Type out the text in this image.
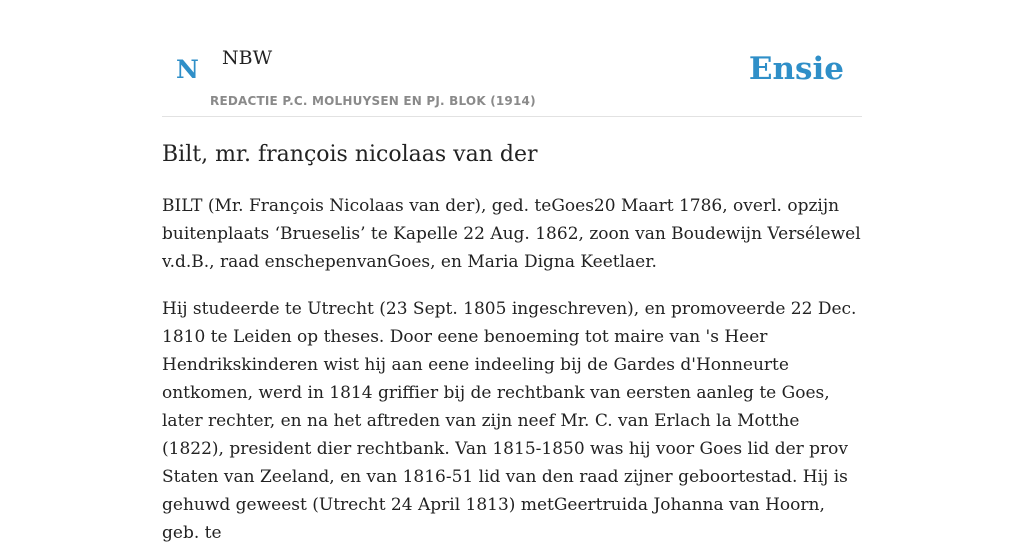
N NBW
REDACTIE P.C. MOLHUYSEN EN PJ. BLOK (1914)
Ensie
Bilt, mr. françois nicolaas van der

BILT (Mr. François Nicolaas van der), ged. teGoes20 Maart 1786, overl. opzijn buitenplaats ‘Brueselis’ te Kapelle 22 Aug. 1862, zoon van Boudewijn Versélewel v.d.B., raad enschepenvanGoes, en Maria Digna Keetlaer.

Hij studeerde te Utrecht (23 Sept. 1805 ingeschreven), en promoveerde 22 Dec. 1810 te Leiden op theses. Door eene benoeming tot maire van 's Heer Hendrikskinderen wist hij aan eene indeeling bij de Gardes d'Honneurte ontkomen, werd in 1814 griffier bij de rechtbank van eersten aanleg te Goes, later rechter, en na het aftreden van zijn neef Mr. C. van Erlach la Motthe (1822), president dier rechtbank. Van 1815-1850 was hij voor Goes lid der prov Staten van Zeeland, en van 1816-51 lid van den raad zijner geboortestad. Hij is gehuwd geweest (Utrecht 24 April 1813) metGeertruida Johanna van Hoorn, geb. te
